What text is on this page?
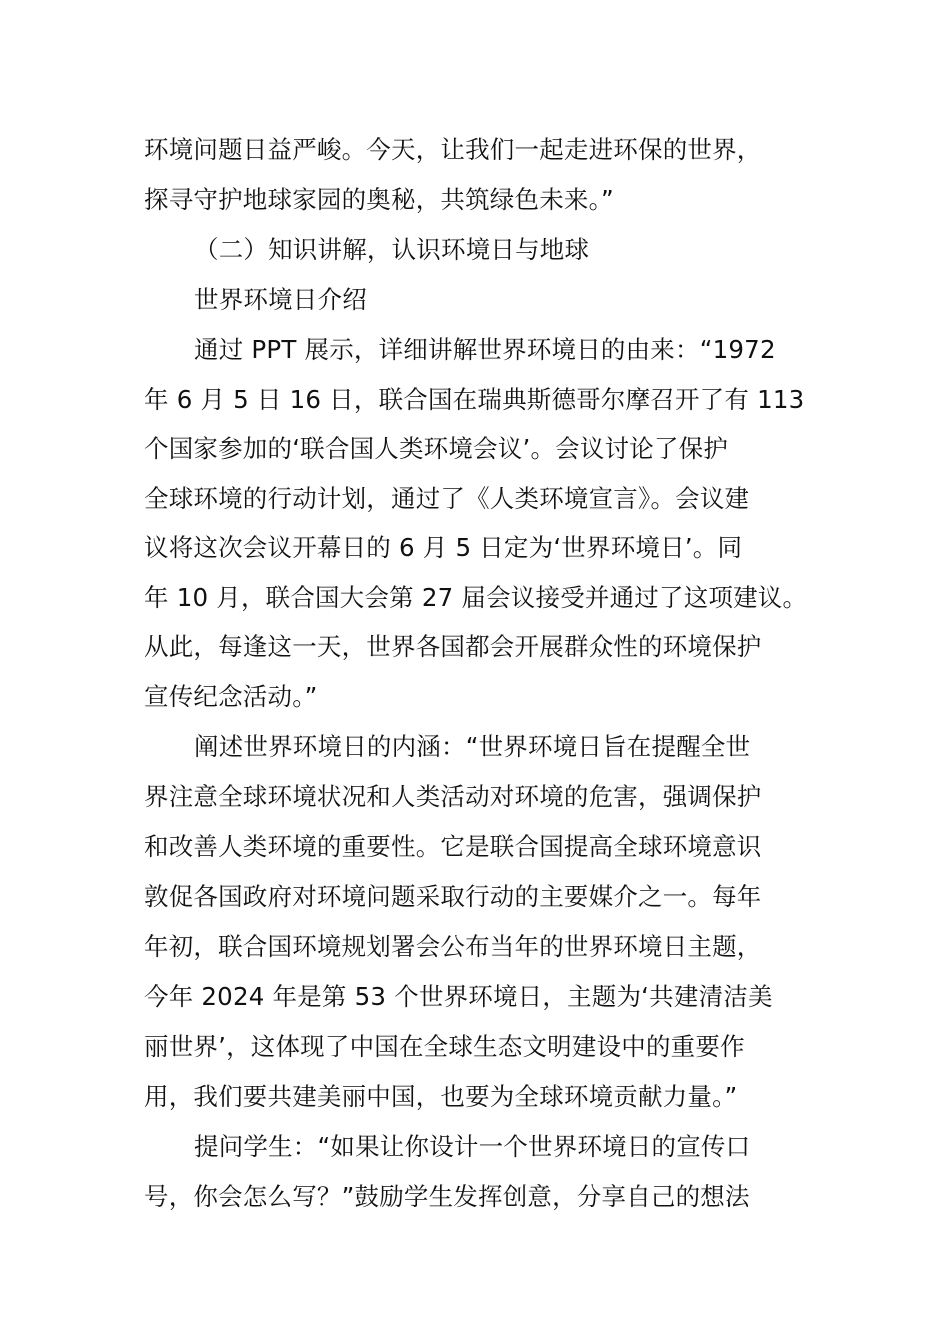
环境问题日益严峻。今天，让我们一起走进环保的世界，
探寻守护地球家园的奥秘，共筑绿色未来。”
（二）知识讲解，认识环境日与地球
世界环境日介绍
通过 PPT 展示，详细讲解世界环境日的由来：“1972
年 6 月 5 日 16 日，联合国在瑞典斯德哥尔摩召开了有 113
个国家参加的‘联合国人类环境会议’。会议讨论了保护
全球环境的行动计划，通过了《人类环境宣言》。会议建
议将这次会议开幕日的 6 月 5 日定为‘世界环境日’。同
年 10 月，联合国大会第 27 届会议接受并通过了这项建议。
从此，每逢这一天，世界各国都会开展群众性的环境保护
宣传纪念活动。”
阐述世界环境日的内涵：“世界环境日旨在提醒全世
界注意全球环境状况和人类活动对环境的危害，强调保护
和改善人类环境的重要性。它是联合国提高全球环境意识
敦促各国政府对环境问题采取行动的主要媒介之一。每年
年初，联合国环境规划署会公布当年的世界环境日主题，
今年 2024 年是第 53 个世界环境日，主题为‘共建清洁美
丽世界’，这体现了中国在全球生态文明建设中的重要作
用，我们要共建美丽中国，也要为全球环境贡献力量。”
提问学生：“如果让你设计一个世界环境日的宣传口
号，你会怎么写？”鼓励学生发挥创意，分享自己的想法
